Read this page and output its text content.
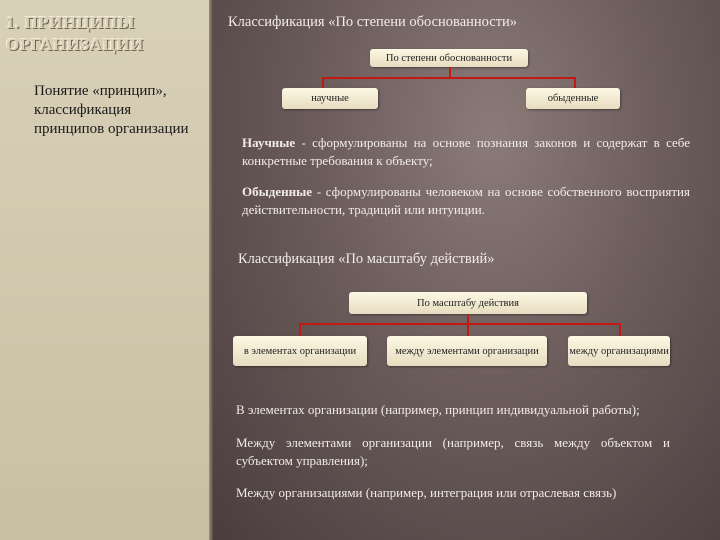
1. ПРИНЦИПЫ ОРГАНИЗАЦИИ

Понятие «принцип», классификация принципов организации

Классификация «По степени обоснованности»
По степени обоснованности
научные	обыденные
Научные - сформулированы на основе познания законов и содержат в себе конкретные требования к объекту;
Обыденные - сформулированы человеком на основе собственного восприятия действительности, традиций или интуиции.
Классификация «По масштабу действий»
По масштабу действия
в элементах организации	между элементами организации	между организациями
В элементах организации (например, принцип индивидуальной работы);
Между элементами организации (например, связь между объектом и субъектом управления);
Между организациями (например, интеграция или отраслевая связь)
